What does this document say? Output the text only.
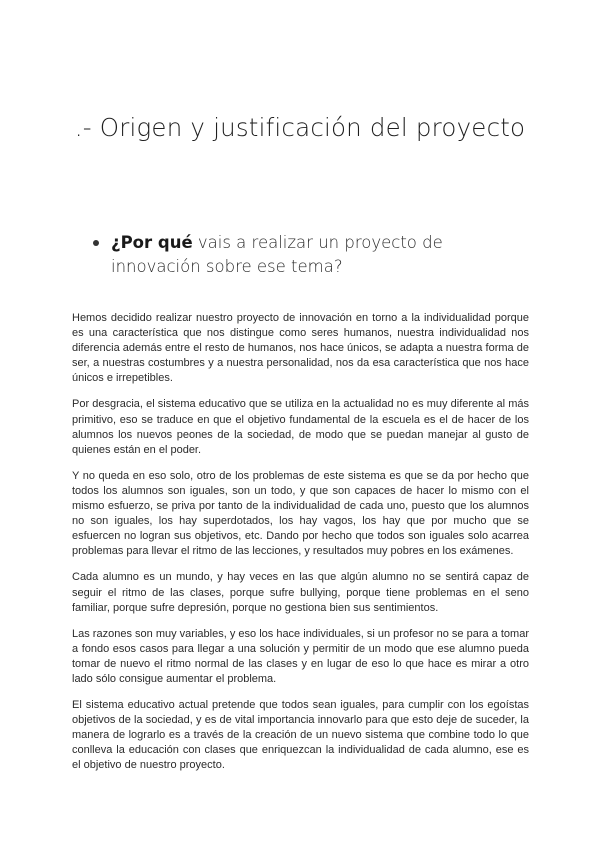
.- Origen y justificación del proyecto
¿Por qué vais a realizar un proyecto de innovación sobre ese tema?

Hemos decidido realizar nuestro proyecto de innovación en torno a la individualidad porque es una característica que nos distingue como seres humanos, nuestra individualidad nos diferencia además entre el resto de humanos, nos hace únicos, se adapta a nuestra forma de ser, a nuestras costumbres y a nuestra personalidad, nos da esa característica que nos hace únicos e irrepetibles.

Por desgracia, el sistema educativo que se utiliza en la actualidad no es muy diferente al más primitivo, eso se traduce en que el objetivo fundamental de la escuela es el de hacer de los alumnos los nuevos peones de la sociedad, de modo que se puedan manejar al gusto de quienes están en el poder.

Y no queda en eso solo, otro de los problemas de este sistema es que se da por hecho que todos los alumnos son iguales, son un todo, y que son capaces de hacer lo mismo con el mismo esfuerzo, se priva por tanto de la individualidad de cada uno, puesto que los alumnos no son iguales, los hay superdotados, los hay vagos, los hay que por mucho que se esfuercen no logran sus objetivos, etc. Dando por hecho que todos son iguales solo acarrea problemas para llevar el ritmo de las lecciones, y resultados muy pobres en los exámenes.

Cada alumno es un mundo, y hay veces en las que algún alumno no se sentirá capaz de seguir el ritmo de las clases, porque sufre bullying, porque tiene problemas en el seno familiar, porque sufre depresión, porque no gestiona bien sus sentimientos.

Las razones son muy variables, y eso los hace individuales, si un profesor no se para a tomar a fondo esos casos para llegar a una solución y permitir de un modo que ese alumno pueda tomar de nuevo el ritmo normal de las clases y en lugar de eso lo que hace es mirar a otro lado sólo consigue aumentar el problema.

El sistema educativo actual pretende que todos sean iguales, para cumplir con los egoístas objetivos de la sociedad, y es de vital importancia innovarlo para que esto deje de suceder, la manera de lograrlo es a través de la creación de un nuevo sistema que combine todo lo que conlleva la educación con clases que enriquezcan la individualidad de cada alumno, ese es el objetivo de nuestro proyecto.
